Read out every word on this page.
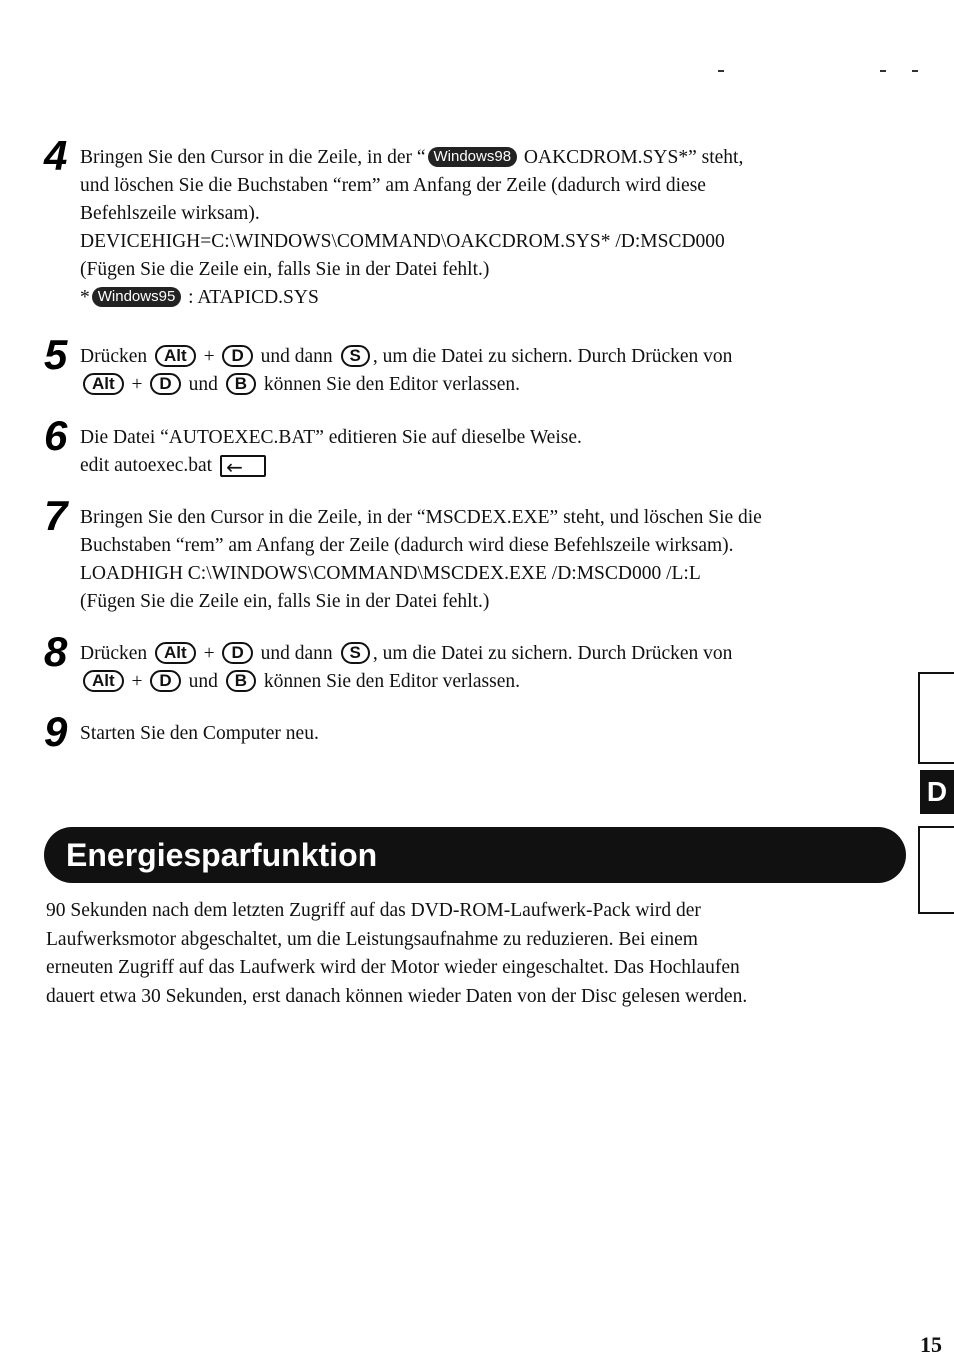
4 Bringen Sie den Cursor in die Zeile, in der “ Windows98 OAKCDROM.SYS*” steht,
und löschen Sie die Buchstaben “rem” am Anfang der Zeile (dadurch wird diese
Befehlszeile wirksam).
DEVICEHIGH=C:\WINDOWS\COMMAND\OAKCDROM.SYS* /D:MSCD000
(Fügen Sie die Zeile ein, falls Sie in der Datei fehlt.)
* Windows95 : ATAPICD.SYS
5 Drücken Alt + D und dann S , um die Datei zu sichern. Durch Drücken von
Alt + D und B können Sie den Editor verlassen.
6 Die Datei “AUTOEXEC.BAT” editieren Sie auf dieselbe Weise.
edit autoexec.bat←
7 Bringen Sie den Cursor in die Zeile, in der “MSCDEX.EXE” steht, und löschen Sie die
Buchstaben “rem” am Anfang der Zeile (dadurch wird diese Befehlszeile wirksam).
LOADHIGH C:\WINDOWS\COMMAND\MSCDEX.EXE /D:MSCD000 /L:L
(Fügen Sie die Zeile ein, falls Sie in der Datei fehlt.)
8 Drücken Alt + D und dann S , um die Datei zu sichern. Durch Drücken von
Alt + D und B können Sie den Editor verlassen.
9 Starten Sie den Computer neu.
Energiesparfunktion
90 Sekunden nach dem letzten Zugriff auf das DVD-ROM-Laufwerk-Pack wird der
Laufwerksmotor abgeschaltet, um die Leistungsaufnahme zu reduzieren. Bei einem
erneuten Zugriff auf das Laufwerk wird der Motor wieder eingeschaltet. Das Hochlaufen
dauert etwa 30 Sekunden, erst danach können wieder Daten von der Disc gelesen werden.
D
15
